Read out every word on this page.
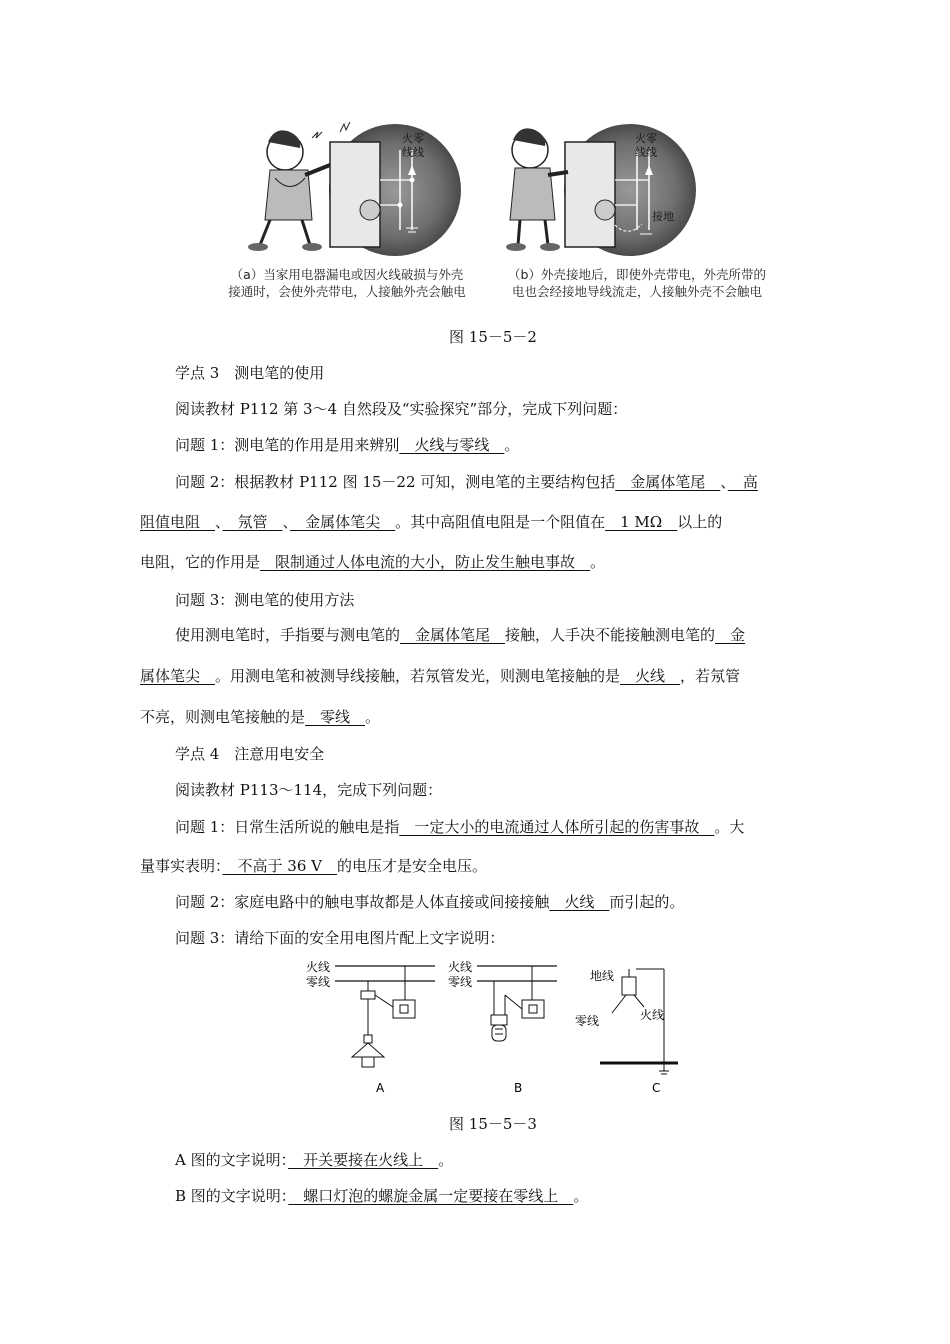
火零
线线
火零
线线
接地
（a）当家用电器漏电或因火线破损与外壳
接通时，会使外壳带电，人接触外壳会触电
（b）外壳接地后，即使外壳带电，外壳所带的
电也会经接地导线流走，人接触外壳不会触电
图 15－5－2
学点 3　测电笔的使用
阅读教材 P112 第 3～4 自然段及“实验探究”部分，完成下列问题：
问题 1：测电笔的作用是用来辨别　火线与零线　。
问题 2：根据教材 P112 图 15－22 可知，测电笔的主要结构包括　金属体笔尾　、　高
阻值电阻　、　氖管　、　金属体笔尖　。其中高阻值电阻是一个阻值在　1 MΩ　以上的
电阻，它的作用是　限制通过人体电流的大小，防止发生触电事故　。
问题 3：测电笔的使用方法
使用测电笔时，手指要与测电笔的　金属体笔尾　接触，人手决不能接触测电笔的　金
属体笔尖　。用测电笔和被测导线接触，若氖管发光，则测电笔接触的是　火线　，若氖管
不亮，则测电笔接触的是　零线　。
学点 4　注意用电安全
阅读教材 P113～114，完成下列问题：
问题 1：日常生活所说的触电是指　一定大小的电流通过人体所引起的伤害事故　。大
量事实表明：　不高于 36 V　的电压才是安全电压。
问题 2：家庭电路中的触电事故都是人体直接或间接接触　火线　而引起的。
问题 3：请给下面的安全用电图片配上文字说明：
火线
零线
A
火线
零线
B
地线
零线	火线
C
图 15－5－3
A 图的文字说明：　开关要接在火线上　。
B 图的文字说明：　螺口灯泡的螺旋金属一定要接在零线上　。
